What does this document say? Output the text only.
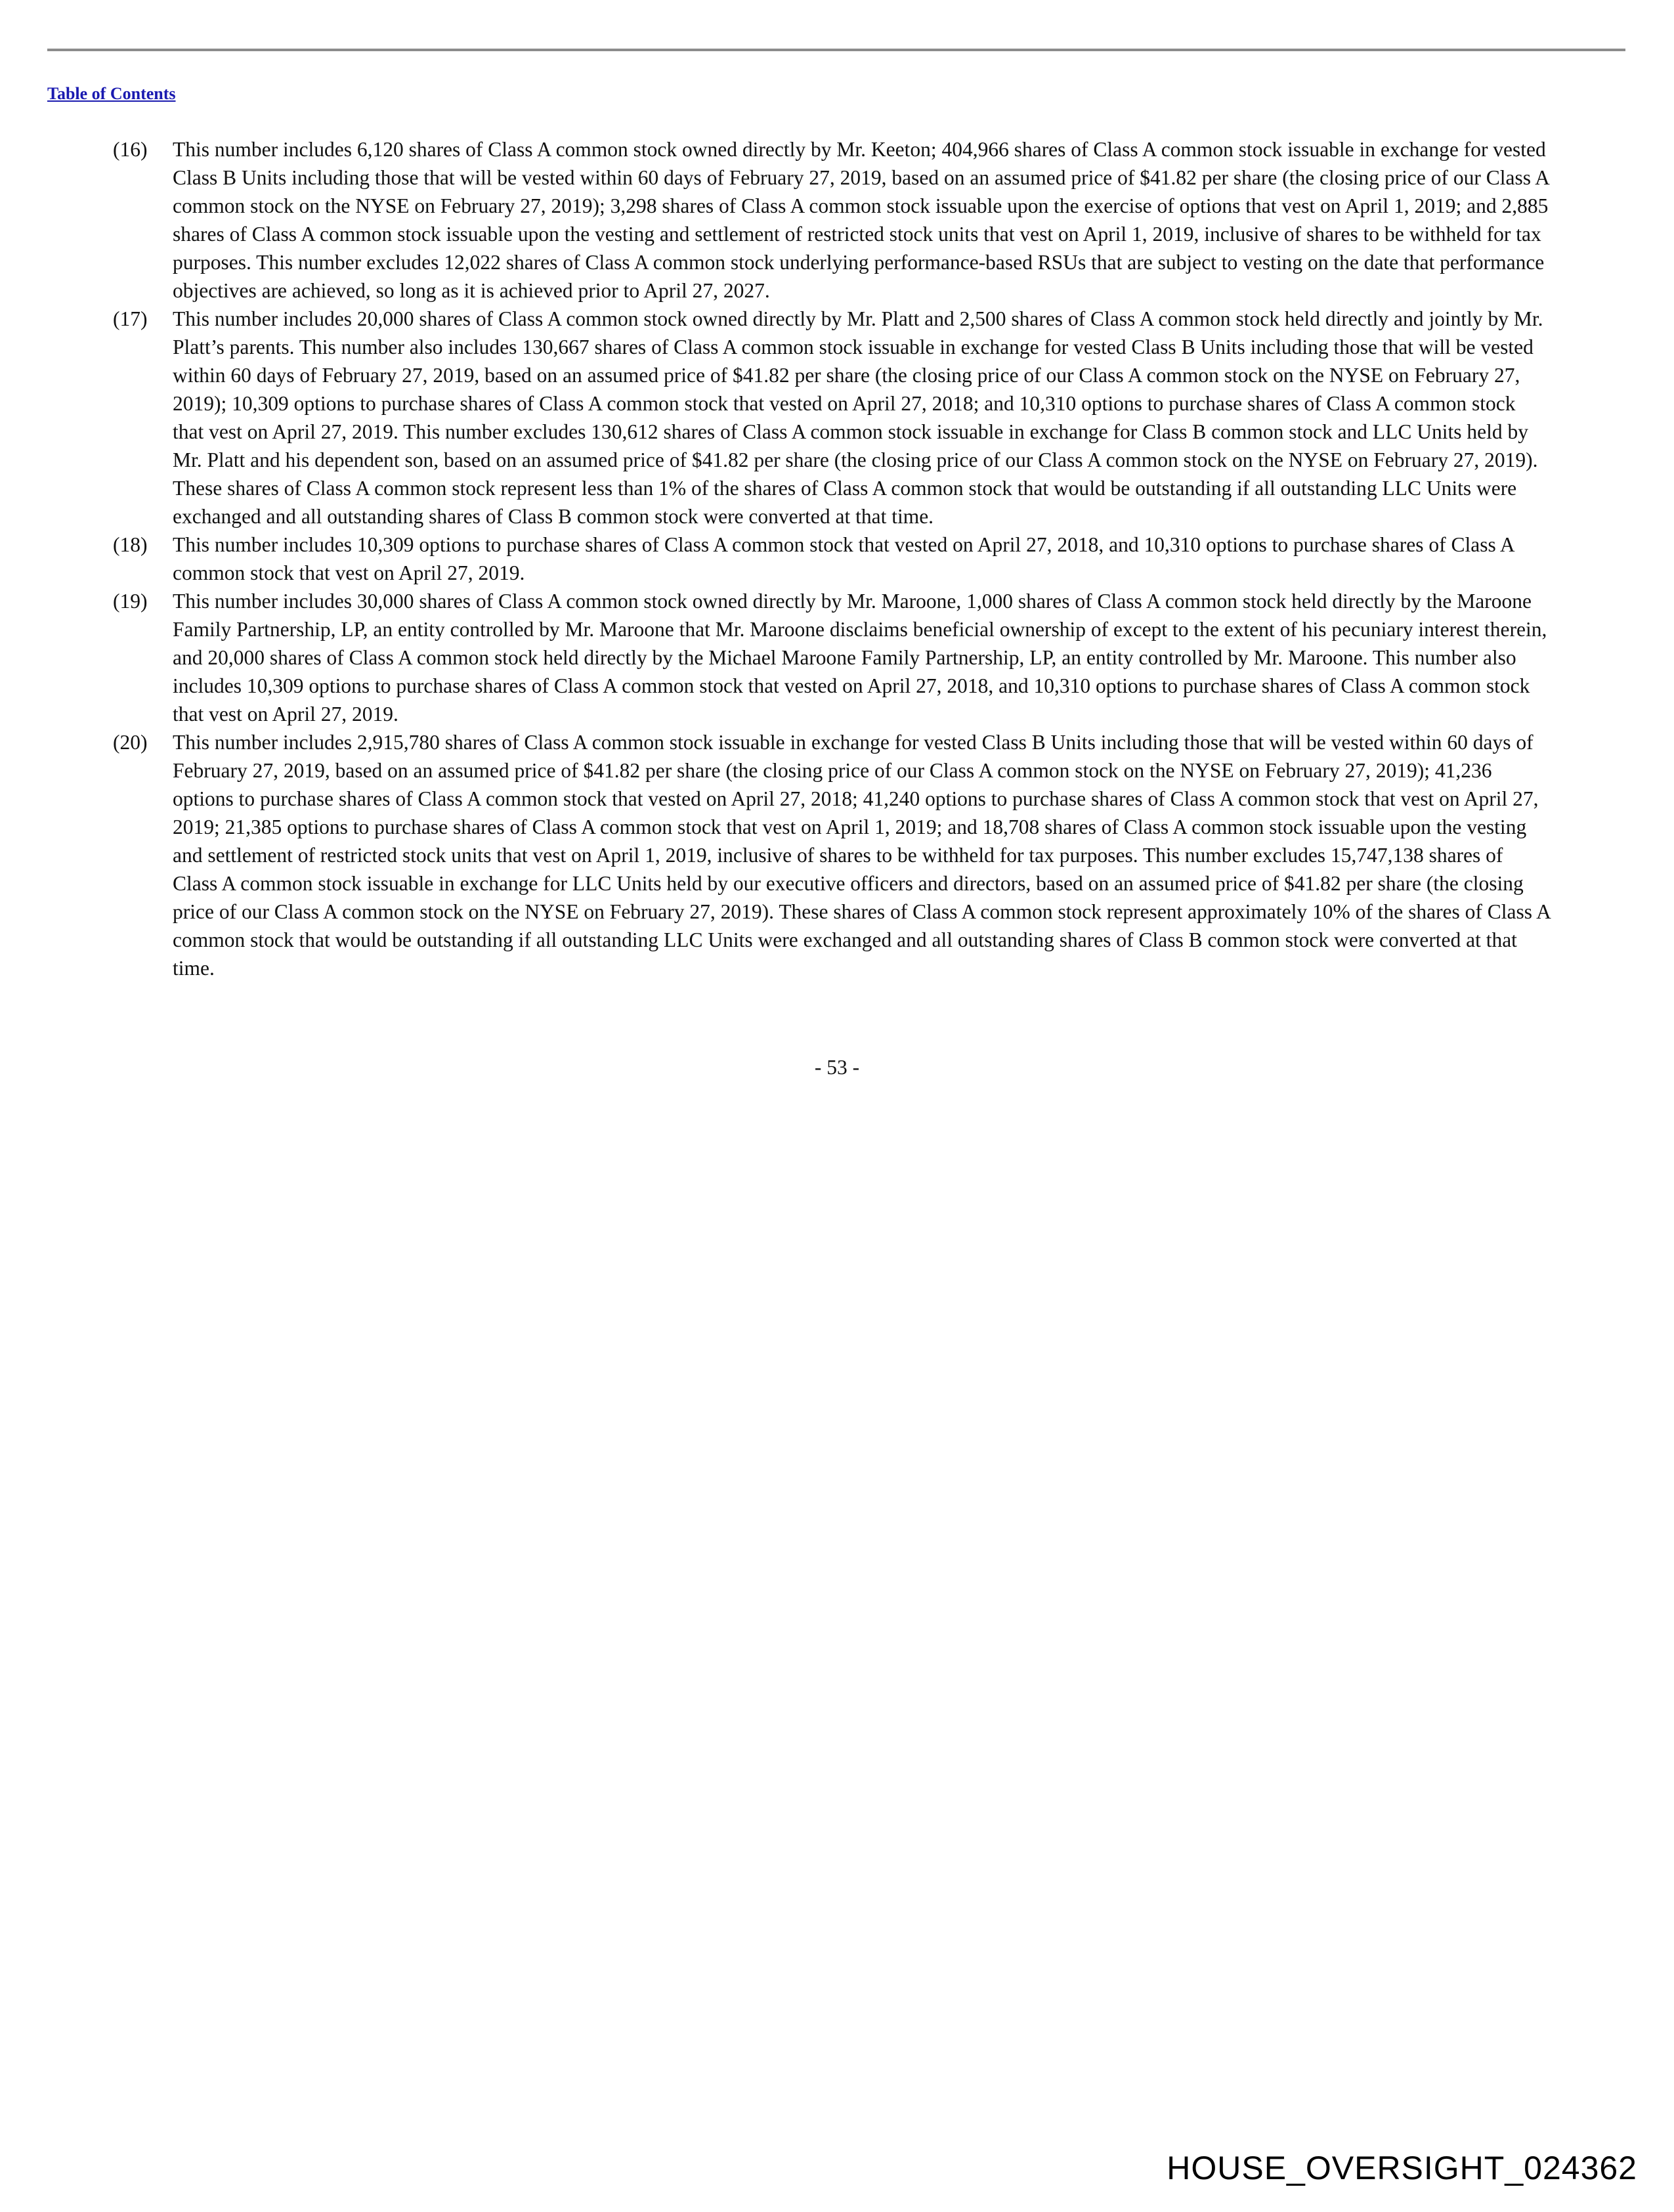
Table of Contents
(16)	This number includes 6,120 shares of Class A common stock owned directly by Mr. Keeton; 404,966 shares of Class A common stock issuable in exchange for vested Class B Units including those that will be vested within 60 days of February 27, 2019, based on an assumed price of $41.82 per share (the closing price of our Class A common stock on the NYSE on February 27, 2019); 3,298 shares of Class A common stock issuable upon the exercise of options that vest on April 1, 2019; and 2,885 shares of Class A common stock issuable upon the vesting and settlement of restricted stock units that vest on April 1, 2019, inclusive of shares to be withheld for tax purposes. This number excludes 12,022 shares of Class A common stock underlying performance-based RSUs that are subject to vesting on the date that performance objectives are achieved, so long as it is achieved prior to April 27, 2027.
(17)	This number includes 20,000 shares of Class A common stock owned directly by Mr. Platt and 2,500 shares of Class A common stock held directly and jointly by Mr. Platt’s parents. This number also includes 130,667 shares of Class A common stock issuable in exchange for vested Class B Units including those that will be vested within 60 days of February 27, 2019, based on an assumed price of $41.82 per share (the closing price of our Class A common stock on the NYSE on February 27, 2019); 10,309 options to purchase shares of Class A common stock that vested on April 27, 2018; and 10,310 options to purchase shares of Class A common stock that vest on April 27, 2019. This number excludes 130,612 shares of Class A common stock issuable in exchange for Class B common stock and LLC Units held by Mr. Platt and his dependent son, based on an assumed price of $41.82 per share (the closing price of our Class A common stock on the NYSE on February 27, 2019). These shares of Class A common stock represent less than 1% of the shares of Class A common stock that would be outstanding if all outstanding LLC Units were exchanged and all outstanding shares of Class B common stock were converted at that time.
(18)	This number includes 10,309 options to purchase shares of Class A common stock that vested on April 27, 2018, and 10,310 options to purchase shares of Class A common stock that vest on April 27, 2019.
(19)	This number includes 30,000 shares of Class A common stock owned directly by Mr. Maroone, 1,000 shares of Class A common stock held directly by the Maroone Family Partnership, LP, an entity controlled by Mr. Maroone that Mr. Maroone disclaims beneficial ownership of except to the extent of his pecuniary interest therein, and 20,000 shares of Class A common stock held directly by the Michael Maroone Family Partnership, LP, an entity controlled by Mr. Maroone. This number also includes 10,309 options to purchase shares of Class A common stock that vested on April 27, 2018, and 10,310 options to purchase shares of Class A common stock that vest on April 27, 2019.
(20)	This number includes 2,915,780 shares of Class A common stock issuable in exchange for vested Class B Units including those that will be vested within 60 days of February 27, 2019, based on an assumed price of $41.82 per share (the closing price of our Class A common stock on the NYSE on February 27, 2019); 41,236 options to purchase shares of Class A common stock that vested on April 27, 2018; 41,240 options to purchase shares of Class A common stock that vest on April 27, 2019; 21,385 options to purchase shares of Class A common stock that vest on April 1, 2019; and 18,708 shares of Class A common stock issuable upon the vesting and settlement of restricted stock units that vest on April 1, 2019, inclusive of shares to be withheld for tax purposes. This number excludes 15,747,138 shares of Class A common stock issuable in exchange for LLC Units held by our executive officers and directors, based on an assumed price of $41.82 per share (the closing price of our Class A common stock on the NYSE on February 27, 2019). These shares of Class A common stock represent approximately 10% of the shares of Class A common stock that would be outstanding if all outstanding LLC Units were exchanged and all outstanding shares of Class B common stock were converted at that time.
- 53 -
HOUSE_OVERSIGHT_024362
